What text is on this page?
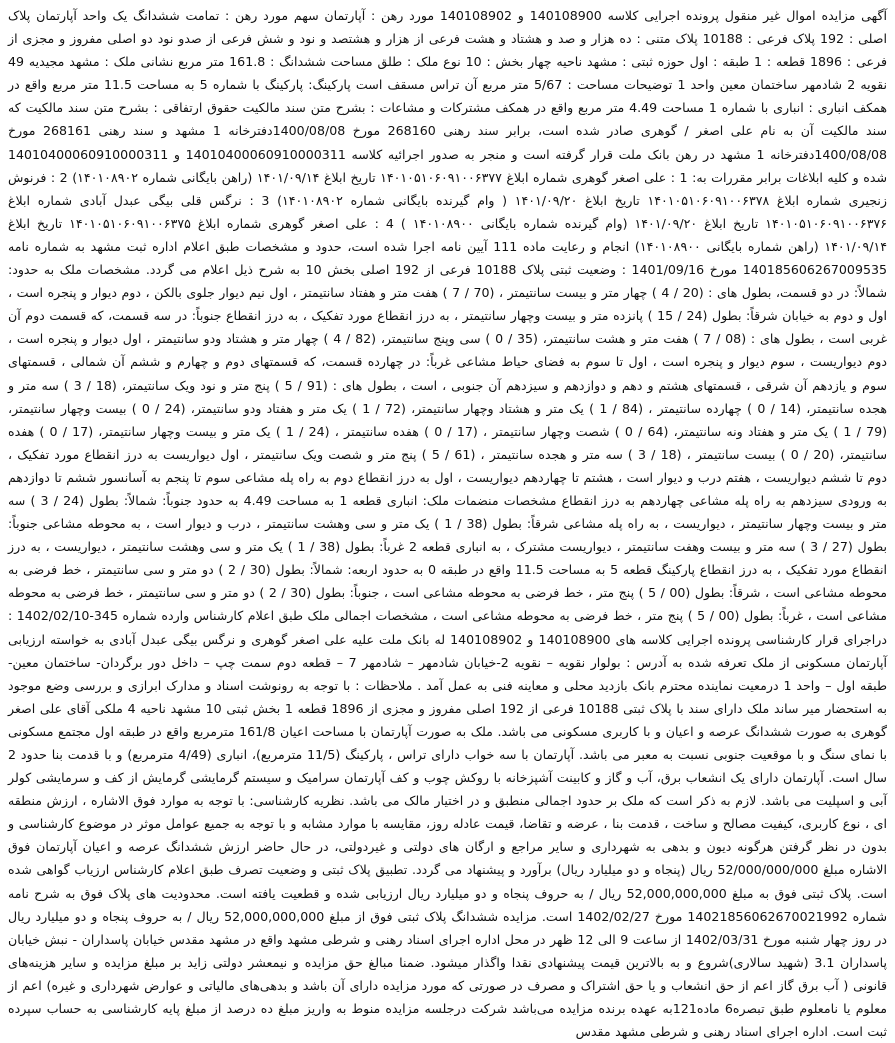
آگهی مزایده اموال غیر منقول پرونده اجرایی کلاسه 140108900 و 140108902 مورد رهن : آپارتمان سهم مورد رهن : تمامت ششدانگ یک واحد آپارتمان پلاک اصلی : 192 پلاک فرعی : 10188 پلاک متنی : ده هزار و صد و هشتاد و هشت فرعی از هزار و هشتصد و نود و شش فرعی از صدو نود دو اصلی مفروز و مجزی از فرعی : 1896 قطعه : 1 طبقه : اول حوزه ثبتی : مشهد ناحیه چهار بخش : 10 نوع ملک : طلق مساحت ششدانگ : 161.8 متر مربع نشانی ملک : مشهد مجیدیه 49 نقویه 2 شادمهر ساختمان معین واحد 1 توضیحات مساحت : 5/67 متر مربع آن تراس مسقف است پارکینگ: پارکینگ با شماره 5 به مساحت 11.5 متر مربع واقع در همکف انباری : انباری با شماره 1 مساحت 4.49 متر مربع واقع در همکف مشترکات و مشاعات : بشرح متن سند مالکیت حقوق ارتفاقی : بشرح متن سند مالکیت که سند مالکیت آن به نام علی اصغر / گوهری صادر شده است، برابر سند رهنی 268160 مورخ 1400/08/08دفترخانه 1 مشهد و سند رهنی 268161 مورخ 1400/08/08دفترخانه 1 مشهد در رهن بانک ملت قرار گرفته است و منجر به صدور اجرائیه کلاسه 14010400060910000311 و 14010400060910000311 شده و کلیه ابلاغات برابر مقررات به: 1 : علی اصغر گوهری شماره ابلاغ ۱۴۰۱۰۵۱۰۶۰۹۱۰۰۶۳۷۷ تاریخ ابلاغ ۱۴۰۱/۰۹/۱۴ (راهن بایگانی شماره ۱۴۰۱۰۸۹۰۲) 2 : فرنوش زنجیری شماره ابلاغ ۱۴۰۱۰۵۱۰۶۰۹۱۰۰۶۳۷۸ تاریخ ابلاغ ۱۴۰۱/۰۹/۲۰ ( وام گیرنده بایگانی شماره ۱۴۰۱۰۸۹۰۲) 3 : نرگس قلی بیگی عبدل آبادی شماره ابلاغ ۱۴۰۱۰۵۱۰۶۰۹۱۰۰۶۳۷۶ تاریخ ابلاغ ۱۴۰۱/۰۹/۲۰ (وام گیرنده شماره بایگانی ۱۴۰۱۰۸۹۰۰ ) 4 : علی اصغر گوهری شماره ابلاغ ۱۴۰۱۰۵۱۰۶۰۹۱۰۰۶۳۷۵ تاریخ ابلاغ ۱۴۰۱/۰۹/۱۴ (راهن شماره بایگانی ۱۴۰۱۰۸۹۰۰) انجام و رعایت ماده 111 آیین نامه اجرا شده است، حدود و مشخصات طبق اعلام اداره ثبت مشهد به شماره نامه 140185606267009535 مورخ 1401/09/16 : وضعیت ثبتی پلاک 10188 فرعی از 192 اصلی بخش 10 به شرح ذیل اعلام می گردد. مشخصات ملک به حدود: شمالاً: در دو قسمت، بطول های : (20 / 4 ) چهار متر و بیست سانتیمتر ، (70 / 7 ) هفت متر و هفتاد سانتیمتر ، اول نیم دیوار جلوی بالکن ، دوم دیوار و پنجره است ، اول و دوم به خیابان شرقاً: بطول (24 / 15 ) پانزده متر و بیست وچهار سانتیمتر ، به درز انقطاع مورد تفکیک ، به درز انقطاع جنوباً: در سه قسمت، که قسمت دوم آن غربی است ، بطول های : (08 / 7 ) هفت متر و هشت سانتیمتر، (35 / 0 ) سی وپنج سانتیمتر، (82 / 4 ) چهار متر و هشتاد ودو سانتیمتر ، اول دیوار و پنجره است ، دوم دیواریست ، سوم دیوار و پنجره است ، اول تا سوم به فضای حیاط مشاعی غرباً: در چهارده قسمت، که قسمتهای دوم و چهارم و ششم آن شمالی ، قسمتهای سوم و یازدهم آن شرقی ، قسمتهای هشتم و دهم و دوازدهم و سیزدهم آن جنوبی ، است ، بطول های : (91 / 5 ) پنج متر و نود ویک سانتیمتر، (18 / 3 ) سه متر و هجده سانتیمتر، (14 / 0 ) چهارده سانتیمتر ، (84 / 1 ) یک متر و هشتاد وچهار سانتیمتر، (72 / 1 ) یک متر و هفتاد ودو سانتیمتر، (24 / 0 ) بیست وچهار سانتیمتر، (79 / 1 ) یک متر و هفتاد ونه سانتیمتر، (64 / 0 ) شصت وچهار سانتیمتر ، (17 / 0 ) هفده سانتیمتر ، (24 / 1 ) یک متر و بیست وچهار سانتیمتر، (17 / 0 ) هفده سانتیمتر، (20 / 0 ) بیست سانتیمتر ، (18 / 3 ) سه متر و هجده سانتیمتر ، (61 / 5 ) پنج متر و شصت ویک سانتیمتر ، اول دیواریست به درز انقطاع مورد تفکیک ، دوم تا ششم دیواریست ، هفتم درب و دیوار است ، هشتم تا چهاردهم دیواریست ، اول به درز انقطاع دوم به راه پله مشاعی سوم تا پنجم به آسانسور ششم تا دوازدهم به ورودی سیزدهم به راه پله مشاعی چهاردهم به درز انقطاع مشخصات منضمات ملک: انباری قطعه 1 به مساحت 4.49 به حدود جنوباً: شمالاً: بطول (24 / 3 ) سه متر و بیست وچهار سانتیمتر ، دیواریست ، به راه پله مشاعی شرقاً: بطول (38 / 1 ) یک متر و سی وهشت سانتیمتر ، درب و دیوار است ، به محوطه مشاعی جنوباً: بطول (27 / 3 ) سه متر و بیست وهفت سانتیمتر ، دیواریست مشترک ، به انباری قطعه 2 غرباً: بطول (38 / 1 ) یک متر و سی وهشت سانتیمتر ، دیواریست ، به درز انقطاع مورد تفکیک ، به درز انقطاع پارکینگ قطعه 5 به مساحت 11.5 واقع در طبقه 0 به حدود اربعه: شمالاً: بطول (30 / 2 ) دو متر و سی سانتیمتر ، خط فرضی به محوطه مشاعی است ، شرقاً: بطول (00 / 5 ) پنج متر ، خط فرضی به محوطه مشاعی است ، جنوباً: بطول (30 / 2 ) دو متر و سی سانتیمتر ، خط فرضی به محوطه مشاعی است ، غرباً: بطول (00 / 5 ) پنج متر ، خط فرضی به محوطه مشاعی است ، مشخصات اجمالی ملک طبق اعلام کارشناس وارده شماره 345-1402/02/10 : دراجرای قرار کارشناسی پرونده اجرایی کلاسه های 140108900 و 140108902 له بانک ملت علیه علی اصغر گوهری و نرگس بیگی عبدل آبادی به خواسته ارزیابی آپارتمان مسکونی از ملک تعرفه شده به آدرس : بولوار نقویه – نقویه 2-خیابان شادمهر – شادمهر 7 – قطعه دوم سمت چپ – داخل دور برگردان- ساختمان معین- طبقه اول – واحد 1 درمعیت نماینده محترم بانک بازدید محلی و معاینه فنی به عمل آمد . ملاحظات : با توجه به رونوشت اسناد و مدارک ابرازی و بررسی وضع موجود به استحضار میر ساند ملک دارای سند با پلاک ثبتی 10188 فرعی از 192 اصلی مفروز و مجزی از 1896 قطعه 1 بخش ثبتی 10 مشهد ناحیه 4 ملکی آقای علی اصغر گوهری به صورت ششدانگ عرصه و اعیان و با کاربری مسکونی می باشد. ملک به صورت آپارتمان با مساحت اعیان 161/8 مترمربع واقع در طبقه اول مجتمع مسکونی با نمای سنگ و با موقعیت جنوبی نسبت به معبر می باشد. آپارتمان با سه خواب دارای تراس ، پارکینگ (11/5 مترمربع)، انباری (4/49 مترمربع) و با قدمت بنا حدود 2 سال است. آپارتمان دارای یک انشعاب برق، آب و گاز و کابینت آشپزخانه با روکش چوب و کف آپارتمان سرامیک و سیستم گرمایشی گرمایش از کف و سرمایشی کولر آبی و اسپلیت می باشد. لازم به ذکر است که ملک بر حدود اجمالی منطبق و در اختیار مالک می باشد. نظریه کارشناسی: با توجه به موارد فوق الاشاره ، ارزش منطقه ای ، نوع کاربری، کیفیت مصالح و ساخت ، قدمت بنا ، عرضه و تقاضا، قیمت عادله روز، مقایسه با موارد مشابه و با توجه به جمیع عوامل موثر در موضوع کارشناسی و بدون در نظر گرفتن هرگونه دیون و بدهی به شهرداری و سایر مراجع و ارگان های دولتی و غیردولتی، در حال حاضر ارزش ششدانگ عرصه و اعیان آپارتمان فوق الاشاره مبلغ 52/000/000/000 ریال (پنجاه و دو میلیارد ریال) برآورد و پیشنهاد می گردد. تطبیق پلاک ثبتی و وضعیت تصرف طبق اعلام کارشناس ارزیاب گواهی شده است. پلاک ثبتی فوق به مبلغ 52,000,000,000 ریال / به حروف پنجاه و دو میلیارد ریال ارزیابی شده و قطعیت یافته است. محدودیت های پلاک فوق به شرح نامه شماره 14021856062670021992 مورخ 1402/02/27 است. مزایده ششدانگ پلاک ثبتی فوق از مبلغ 52,000,000,000 ریال / به حروف پنجاه و دو میلیارد ریال در روز چهار شنبه مورخ 1402/03/31 از ساعت 9 الی 12 ظهر در محل اداره اجرای اسناد رهنی و شرطی مشهد واقع در مشهد مقدس خیابان پاسداران - نبش خیابان پاسداران 3.1 (شهید سالاری)شروع و به بالاترین قیمت پیشنهادی نقدا واگذار میشود. ضمنا مبالغ حق مزایده و نیمعشر دولتی زاید بر مبلغ مزایده و سایر هزینه‌های قانونی ( آب برق گاز اعم از حق انشعاب و یا حق اشتراک و مصرف در صورتی که مورد مزایده دارای آن باشد و بدهی‌های مالیاتی و عوارض شهرداری و غیره) اعم از معلوم یا نامعلوم طبق تبصره6 ماده121به عهده برنده مزایده می‌باشد شرکت درجلسه مزایده منوط به واریز مبلغ ده درصد از مبلغ پایه کارشناسی به حساب سپرده ثبت است. اداره اجرای اسناد رهنی و شرطی مشهد مقدس
